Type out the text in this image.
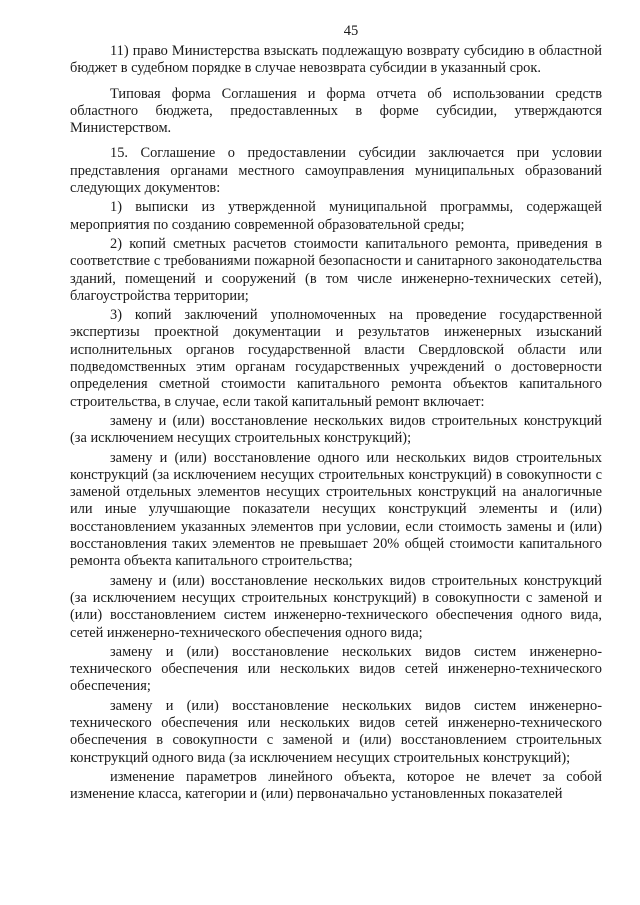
45

11) право Министерства взыскать подлежащую возврату субсидию в областной бюджет в судебном порядке в случае невозврата субсидии в указанный срок.

Типовая форма Соглашения и форма отчета об использовании средств областного бюджета, предоставленных в форме субсидии, утверждаются Министерством.

15. Соглашение о предоставлении субсидии заключается при условии представления органами местного самоуправления муниципальных образований следующих документов:

1) выписки из утвержденной муниципальной программы, содержащей мероприятия по созданию современной образовательной среды;

2) копий сметных расчетов стоимости капитального ремонта, приведения в соответствие с требованиями пожарной безопасности и санитарного законодательства зданий, помещений и сооружений (в том числе инженерно-технических сетей), благоустройства территории;

3) копий заключений уполномоченных на проведение государственной экспертизы проектной документации и результатов инженерных изысканий исполнительных органов государственной власти Свердловской области или подведомственных этим органам государственных учреждений о достоверности определения сметной стоимости капитального ремонта объектов капитального строительства, в случае, если такой капитальный ремонт включает:

замену и (или) восстановление нескольких видов строительных конструкций (за исключением несущих строительных конструкций);

замену и (или) восстановление одного или нескольких видов строительных конструкций (за исключением несущих строительных конструкций) в совокупности с заменой отдельных элементов несущих строительных конструкций на аналогичные или иные улучшающие показатели несущих конструкций элементы и (или) восстановлением указанных элементов при условии, если стоимость замены и (или) восстановления таких элементов не превышает 20% общей стоимости капитального ремонта объекта капитального строительства;

замену и (или) восстановление нескольких видов строительных конструкций (за исключением несущих строительных конструкций) в совокупности с заменой и (или) восстановлением систем инженерно-технического обеспечения одного вида, сетей инженерно-технического обеспечения одного вида;

замену и (или) восстановление нескольких видов систем инженерно-технического обеспечения или нескольких видов сетей инженерно-технического обеспечения;

замену и (или) восстановление нескольких видов систем инженерно-технического обеспечения или нескольких видов сетей инженерно-технического обеспечения в совокупности с заменой и (или) восстановлением строительных конструкций одного вида (за исключением несущих строительных конструкций);

изменение параметров линейного объекта, которое не влечет за собой изменение класса, категории и (или) первоначально установленных показателей
